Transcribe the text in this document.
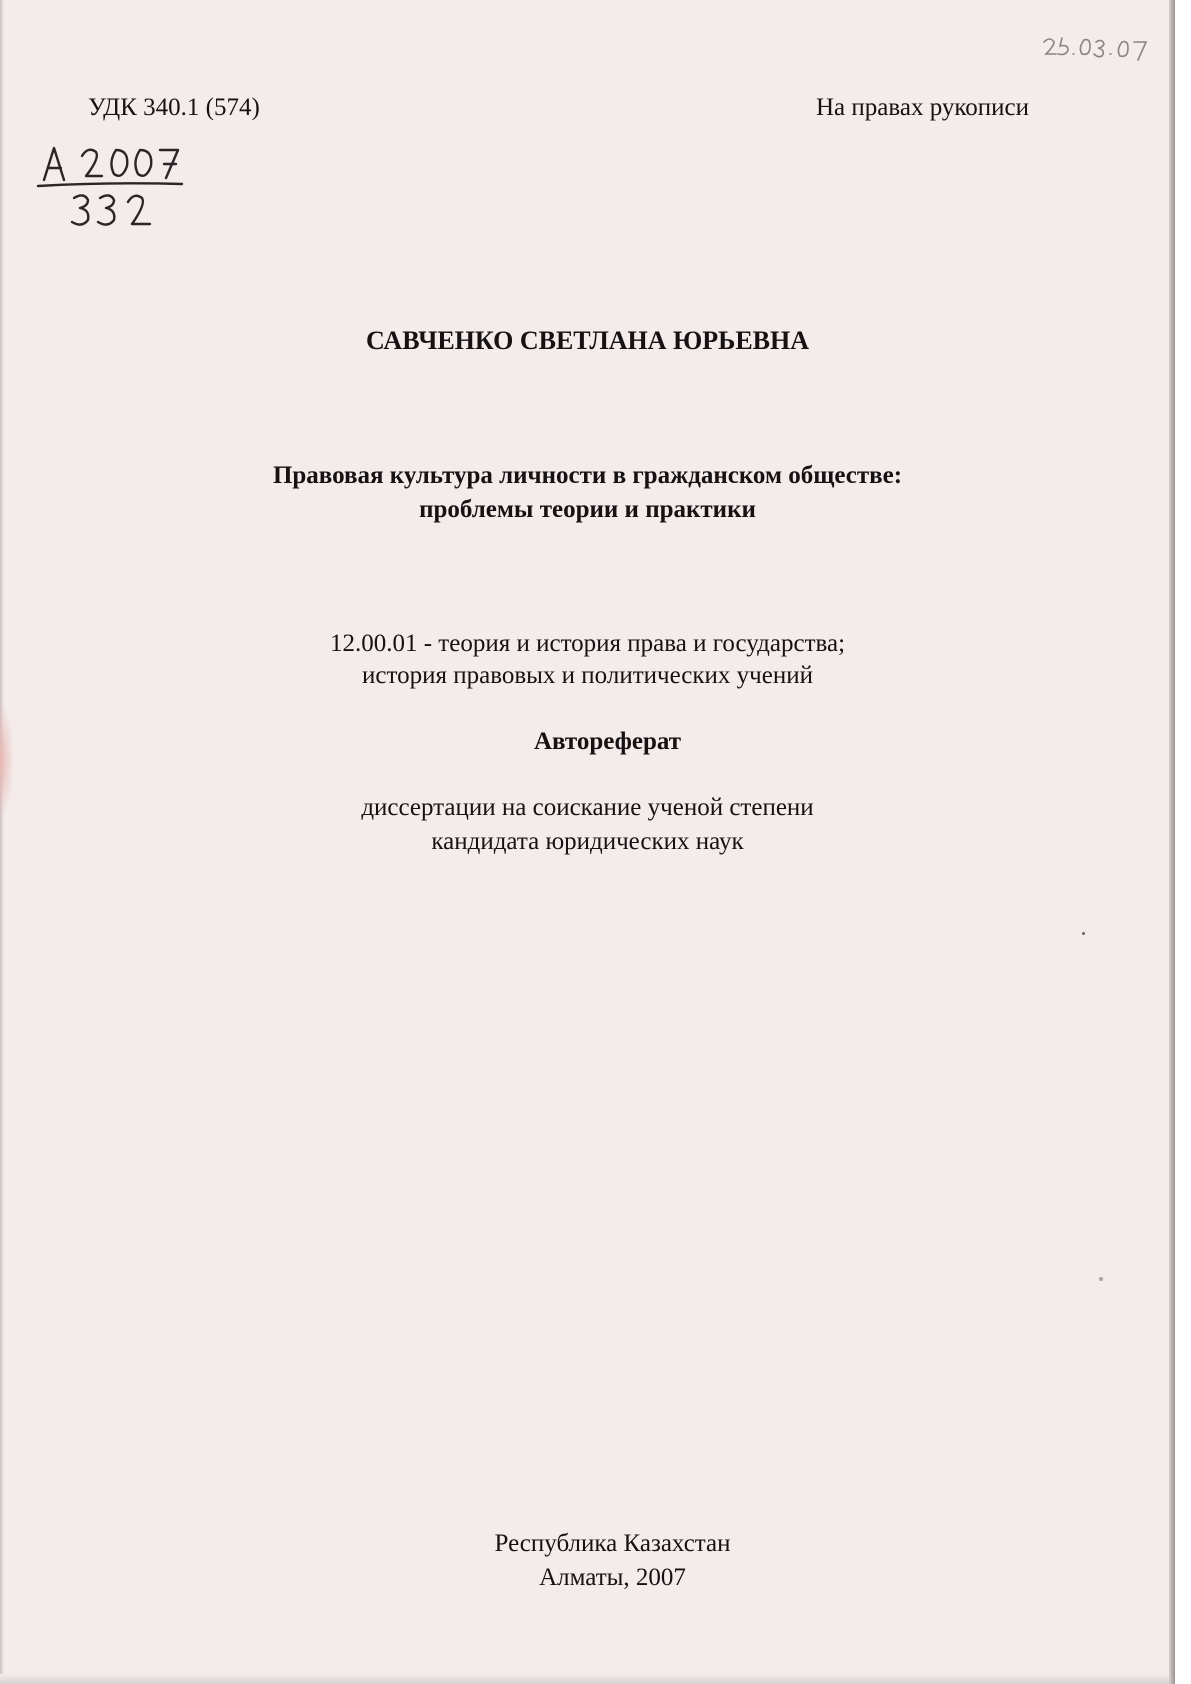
УДК 340.1 (574)	На правах рукописи
САВЧЕНКО СВЕТЛАНА ЮРЬЕВНА
Правовая культура личности в гражданском обществе:
проблемы теории и практики
12.00.01 - теория и история права и государства;
история правовых и политических учений
Автореферат
диссертации на соискание ученой степени
кандидата юридических наук
Республика Казахстан
Алматы, 2007
